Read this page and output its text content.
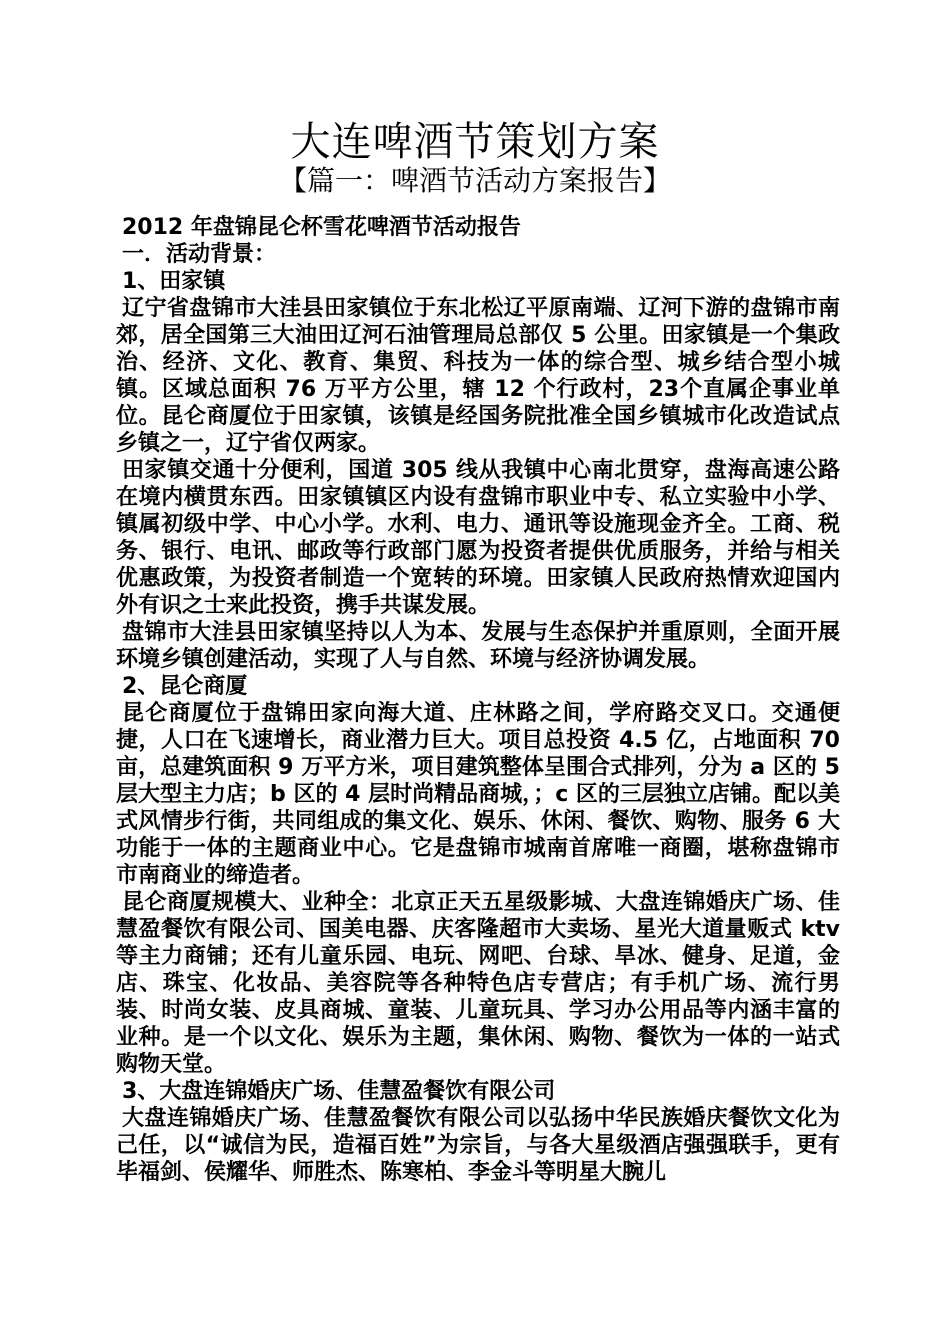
大连啤酒节策划方案
【篇一：啤酒节活动方案报告】

2012 年盘锦昆仑杯雪花啤酒节活动报告

一．活动背景：

1、田家镇

辽宁省盘锦市大洼县田家镇位于东北松辽平原南端、辽河下游的盘锦市南郊，居全国第三大油田辽河石油管理局总部仅 5 公里。田家镇是一个集政治、经济、文化、教育、集贸、科技为一体的综合型、城乡结合型小城镇。区域总面积 76 万平方公里，辖 12 个行政村，23个直属企事业单位。昆仑商厦位于田家镇，该镇是经国务院批准全国乡镇城市化改造试点乡镇之一，辽宁省仅两家。

田家镇交通十分便利，国道 305 线从我镇中心南北贯穿，盘海高速公路在境内横贯东西。田家镇镇区内设有盘锦市职业中专、私立实验中小学、镇属初级中学、中心小学。水利、电力、通讯等设施现金齐全。工商、税务、银行、电讯、邮政等行政部门愿为投资者提供优质服务，并给与相关优惠政策，为投资者制造一个宽转的环境。田家镇人民政府热情欢迎国内外有识之士来此投资，携手共谋发展。

盘锦市大洼县田家镇坚持以人为本、发展与生态保护并重原则，全面开展环境乡镇创建活动，实现了人与自然、环境与经济协调发展。

2、昆仑商厦

昆仑商厦位于盘锦田家向海大道、庄林路之间，学府路交叉口。交通便捷，人口在飞速增长，商业潜力巨大。项目总投资 4.5 亿，占地面积 70 亩，总建筑面积 9 万平方米，项目建筑整体呈围合式排列，分为 a 区的 5 层大型主力店；b 区的 4 层时尚精品商城，；c 区的三层独立店铺。配以美式风情步行街，共同组成的集文化、娱乐、休闲、餐饮、购物、服务 6 大功能于一体的主题商业中心。它是盘锦市城南首席唯一商圈，堪称盘锦市市南商业的缔造者。

昆仑商厦规模大、业种全：北京正天五星级影城、大盘连锦婚庆广场、佳慧盈餐饮有限公司、国美电器、庆客隆超市大卖场、星光大道量贩式 ktv 等主力商铺；还有儿童乐园、电玩、网吧、台球、旱冰、健身、足道，金店、珠宝、化妆品、美容院等各种特色店专营店；有手机广场、流行男装、时尚女装、皮具商城、童装、儿童玩具、学习办公用品等内涵丰富的业种。是一个以文化、娱乐为主题，集休闲、购物、餐饮为一体的一站式购物天堂。

3、大盘连锦婚庆广场、佳慧盈餐饮有限公司

大盘连锦婚庆广场、佳慧盈餐饮有限公司以弘扬中华民族婚庆餐饮文化为己任，以“诚信为民，造福百姓”为宗旨，与各大星级酒店强强联手，更有毕福剑、侯耀华、师胜杰、陈寒柏、李金斗等明星大腕儿
